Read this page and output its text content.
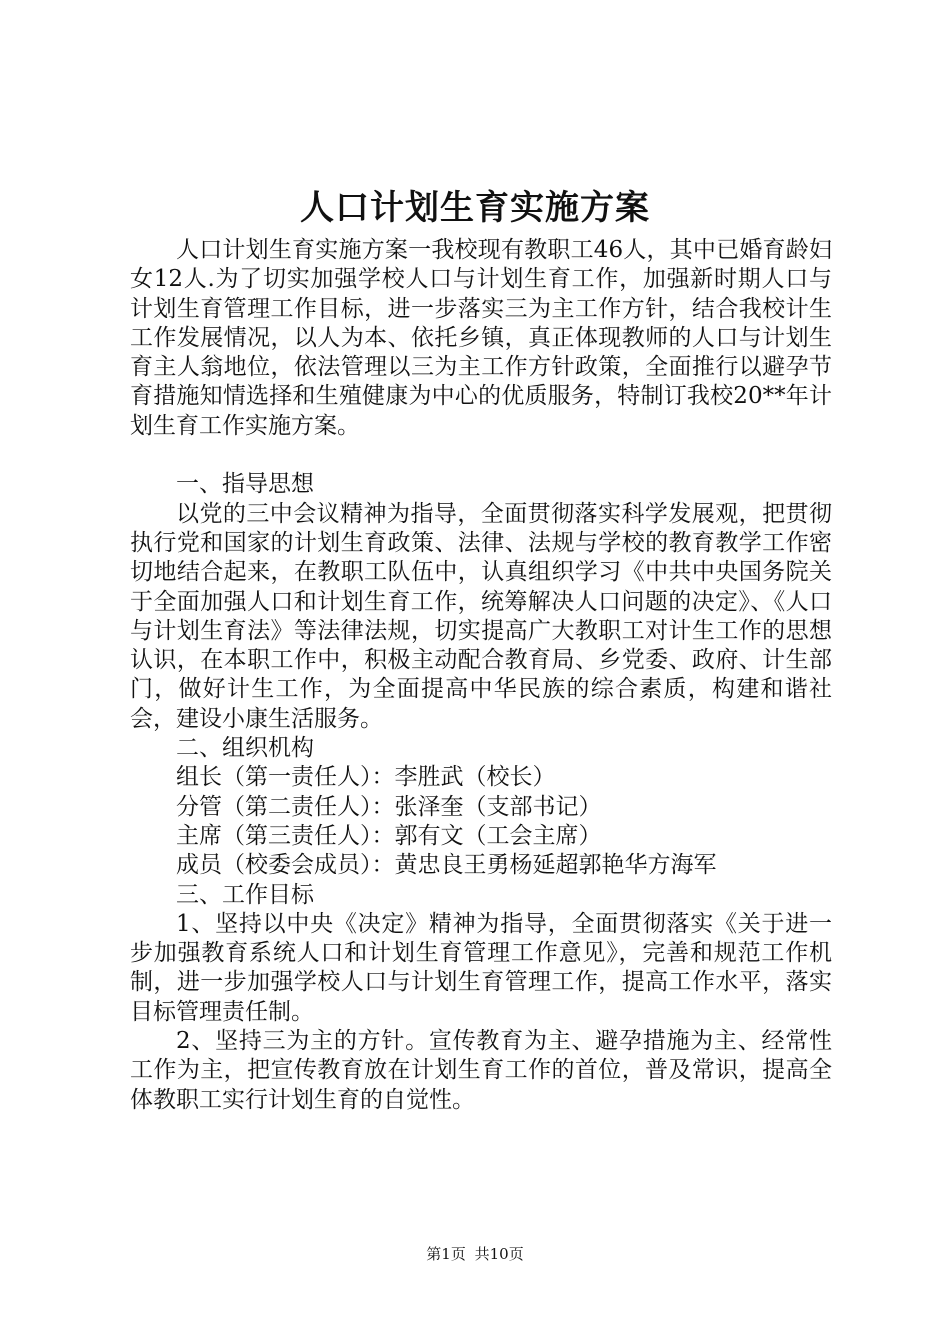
人口计划生育实施方案

人口计划生育实施方案一我校现有教职工46人，其中已婚育龄妇女12人.为了切实加强学校人口与计划生育工作，加强新时期人口与计划生育管理工作目标，进一步落实三为主工作方针，结合我校计生工作发展情况，以人为本、依托乡镇，真正体现教师的人口与计划生育主人翁地位，依法管理以三为主工作方针政策，全面推行以避孕节育措施知情选择和生殖健康为中心的优质服务，特制订我校20**年计划生育工作实施方案。

一、指导思想

以党的三中会议精神为指导，全面贯彻落实科学发展观，把贯彻执行党和国家的计划生育政策、法律、法规与学校的教育教学工作密切地结合起来，在教职工队伍中，认真组织学习《中共中央国务院关于全面加强人口和计划生育工作，统筹解决人口问题的决定》、《人口与计划生育法》等法律法规，切实提高广大教职工对计生工作的思想认识，在本职工作中，积极主动配合教育局、乡党委、政府、计生部门，做好计生工作，为全面提高中华民族的综合素质，构建和谐社会，建设小康生活服务。

二、组织机构

组长（第一责任人）：李胜武（校长）

分管（第二责任人）：张泽奎（支部书记）

主席（第三责任人）：郭有文（工会主席）

成员（校委会成员）：黄忠良王勇杨延超郭艳华方海军

三、工作目标

1、坚持以中央《决定》精神为指导，全面贯彻落实《关于进一步加强教育系统人口和计划生育管理工作意见》，完善和规范工作机制，进一步加强学校人口与计划生育管理工作，提高工作水平，落实目标管理责任制。

2、坚持三为主的方针。宣传教育为主、避孕措施为主、经常性工作为主，把宣传教育放在计划生育工作的首位，普及常识，提高全体教职工实行计划生育的自觉性。

第1页 共10页
